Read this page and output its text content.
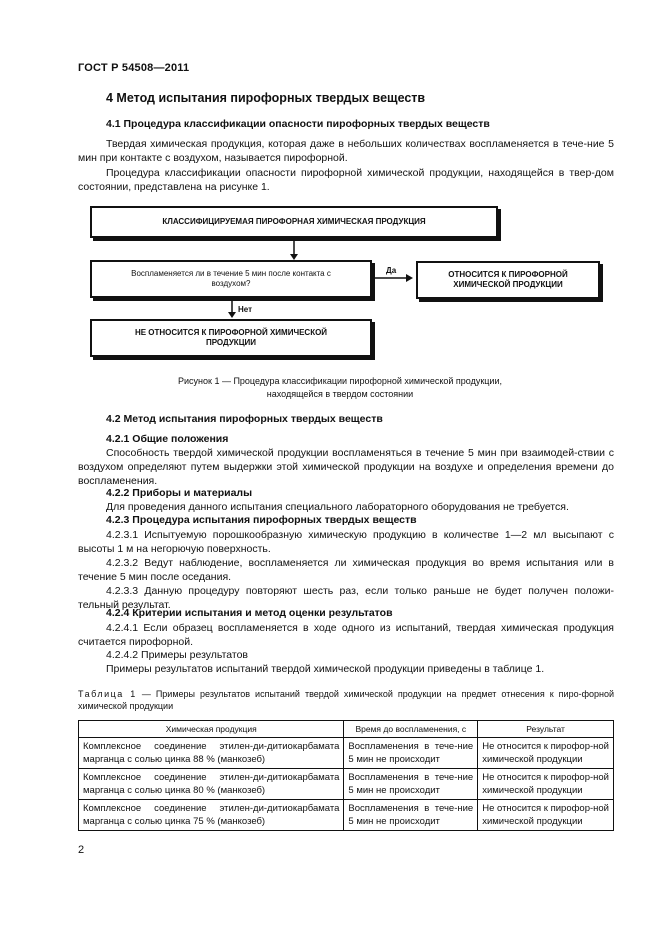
ГОСТ Р 54508—2011
4 Метод испытания пирофорных твердых веществ
4.1 Процедура классификации опасности пирофорных твердых веществ
Твердая химическая продукция, которая даже в небольших количествах воспламеняется в тече-ние 5 мин при контакте с воздухом, называется пирофорной.
Процедура классификации опасности пирофорной химической продукции, находящейся в твер-дом состоянии, представлена на рисунке 1.
КЛАССИФИЦИРУЕМАЯ ПИРОФОРНАЯ ХИМИЧЕСКАЯ ПРОДУКЦИЯ
Воспламеняется ли в течение 5 мин после контакта с воздухом?
Да
Нет
ОТНОСИТСЯ К ПИРОФОРНОЙ ХИМИЧЕСКОЙ ПРОДУКЦИИ
НЕ ОТНОСИТСЯ К ПИРОФОРНОЙ ХИМИЧЕСКОЙ ПРОДУКЦИИ
Рисунок 1 — Процедура классификации пирофорной химической продукции,
находящейся в твердом состоянии
4.2 Метод испытания пирофорных твердых веществ
4.2.1 Общие положения
Способность твердой химической продукции воспламеняться в течение 5 мин при взаимодей-ствии с воздухом определяют путем выдержки этой химической продукции на воздухе и определения времени до воспламенения.
4.2.2 Приборы и материалы
Для проведения данного испытания специального лабораторного оборудования не требуется.
4.2.3 Процедура испытания пирофорных твердых веществ
4.2.3.1 Испытуемую порошкообразную химическую продукцию в количестве 1—2 мл высыпают с высоты 1 м на негорючую поверхность.
4.2.3.2 Ведут наблюдение, воспламеняется ли химическая продукция во время испытания или в течение 5 мин после оседания.
4.2.3.3 Данную процедуру повторяют шесть раз, если только раньше не будет получен положи-тельный результат.
4.2.4 Критерии испытания и метод оценки результатов
4.2.4.1 Если образец воспламеняется в ходе одного из испытаний, твердая химическая продукция считается пирофорной.
4.2.4.2 Примеры результатов
Примеры результатов испытаний твердой химической продукции приведены в таблице 1.
Таблица 1 — Примеры результатов испытаний твердой химической продукции на предмет отнесения к пиро-форной химической продукции
Химическая продукция	Время до воспламенения, с	Результат
Комплексное соединение этилен-ди-дитиокарбамата марганца с солью цинка 88 % (манкозеб)	Воспламенения в тече-ние 5 мин не происходит	Не относится к пирофор-ной химической продукции
Комплексное соединение этилен-ди-дитиокарбамата марганца с солью цинка 80 % (манкозеб)	Воспламенения в тече-ние 5 мин не происходит	Не относится к пирофор-ной химической продукции
Комплексное соединение этилен-ди-дитиокарбамата марганца с солью цинка 75 % (манкозеб)	Воспламенения в тече-ние 5 мин не происходит	Не относится к пирофор-ной химической продукции
2
